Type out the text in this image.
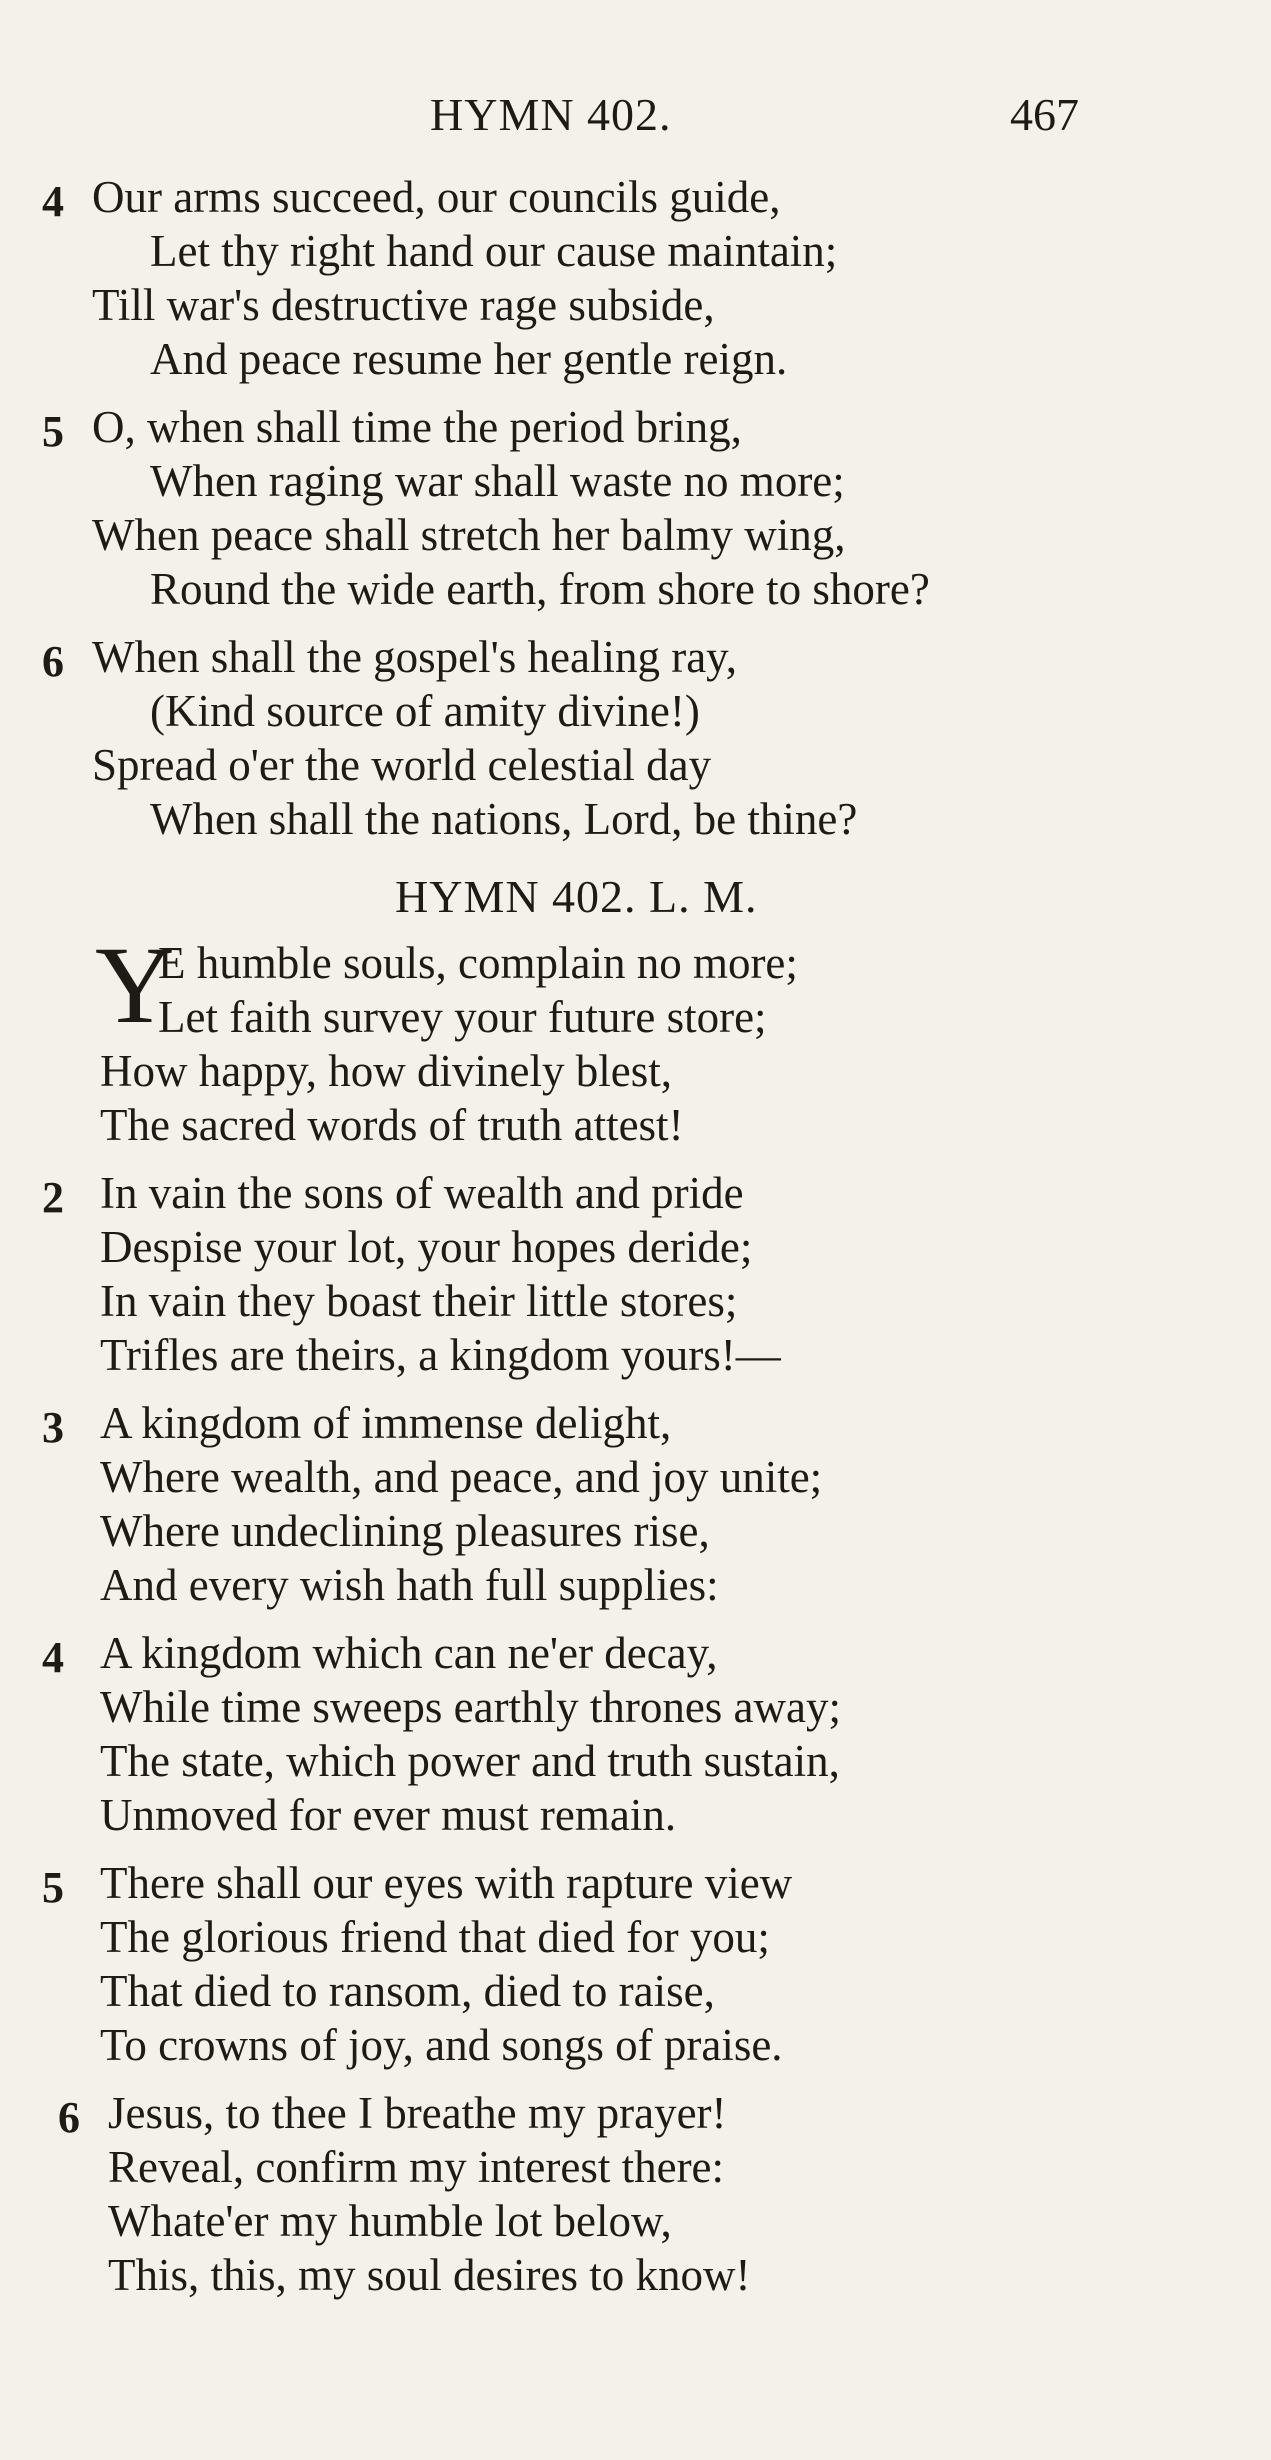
HYMN 402.	467
4 Our arms succeed, our councils guide,
Let thy right hand our cause maintain;
Till war's destructive rage subside,
And peace resume her gentle reign.
5 O, when shall time the period bring,
When raging war shall waste no more;
When peace shall stretch her balmy wing,
Round the wide earth, from shore to shore?
6 When shall the gospel's healing ray,
(Kind source of amity divine!)
Spread o'er the world celestial day
When shall the nations, Lord, be thine?
HYMN 402. L. M.
Y
E humble souls, complain no more;
Let faith survey your future store;
How happy, how divinely blest,
The sacred words of truth attest!
2 In vain the sons of wealth and pride
Despise your lot, your hopes deride;
In vain they boast their little stores;
Trifles are theirs, a kingdom yours!—
3 A kingdom of immense delight,
Where wealth, and peace, and joy unite;
Where undeclining pleasures rise,
And every wish hath full supplies:
4 A kingdom which can ne'er decay,
While time sweeps earthly thrones away;
The state, which power and truth sustain,
Unmoved for ever must remain.
5 There shall our eyes with rapture view
The glorious friend that died for you;
That died to ransom, died to raise,
To crowns of joy, and songs of praise.
6 Jesus, to thee I breathe my prayer!
Reveal, confirm my interest there:
Whate'er my humble lot below,
This, this, my soul desires to know!
